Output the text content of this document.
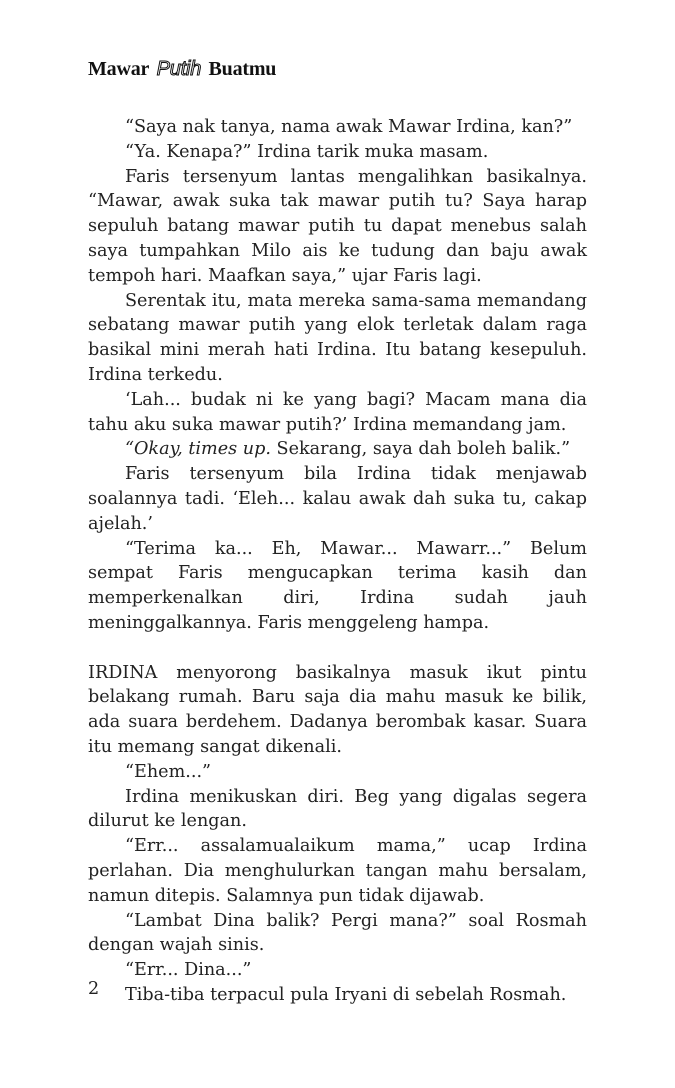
Mawar Putih Buatmu

“Saya nak tanya, nama awak Mawar Irdina, kan?”

“Ya. Kenapa?” Irdina tarik muka masam.

Faris tersenyum lantas mengalihkan basikalnya. “Mawar, awak suka tak mawar putih tu? Saya harap sepuluh batang mawar putih tu dapat menebus salah saya tumpahkan Milo ais ke tudung dan baju awak tempoh hari. Maafkan saya,” ujar Faris lagi.

Serentak itu, mata mereka sama-sama memandang sebatang mawar putih yang elok terletak dalam raga basikal mini merah hati Irdina. Itu batang kesepuluh. Irdina terkedu.

‘Lah... budak ni ke yang bagi? Macam mana dia tahu aku suka mawar putih?’ Irdina memandang jam.

“Okay, times up. Sekarang, saya dah boleh balik.”

Faris tersenyum bila Irdina tidak menjawab soalannya tadi. ‘Eleh... kalau awak dah suka tu, cakap ajelah.’

“Terima ka... Eh, Mawar... Mawarr...” Belum sempat Faris mengucapkan terima kasih dan memperkenalkan diri, Irdina sudah jauh meninggalkannya. Faris menggeleng hampa.

IRDINA menyorong basikalnya masuk ikut pintu belakang rumah. Baru saja dia mahu masuk ke bilik, ada suara berdehem. Dadanya berombak kasar. Suara itu memang sangat dikenali.

“Ehem...”

Irdina menikuskan diri. Beg yang digalas segera dilurut ke lengan.

“Err... assalamualaikum mama,” ucap Irdina perlahan. Dia menghulurkan tangan mahu bersalam, namun ditepis. Salamnya pun tidak dijawab.

“Lambat Dina balik? Pergi mana?” soal Rosmah dengan wajah sinis.

“Err... Dina...”

Tiba-tiba terpacul pula Iryani di sebelah Rosmah.

2
